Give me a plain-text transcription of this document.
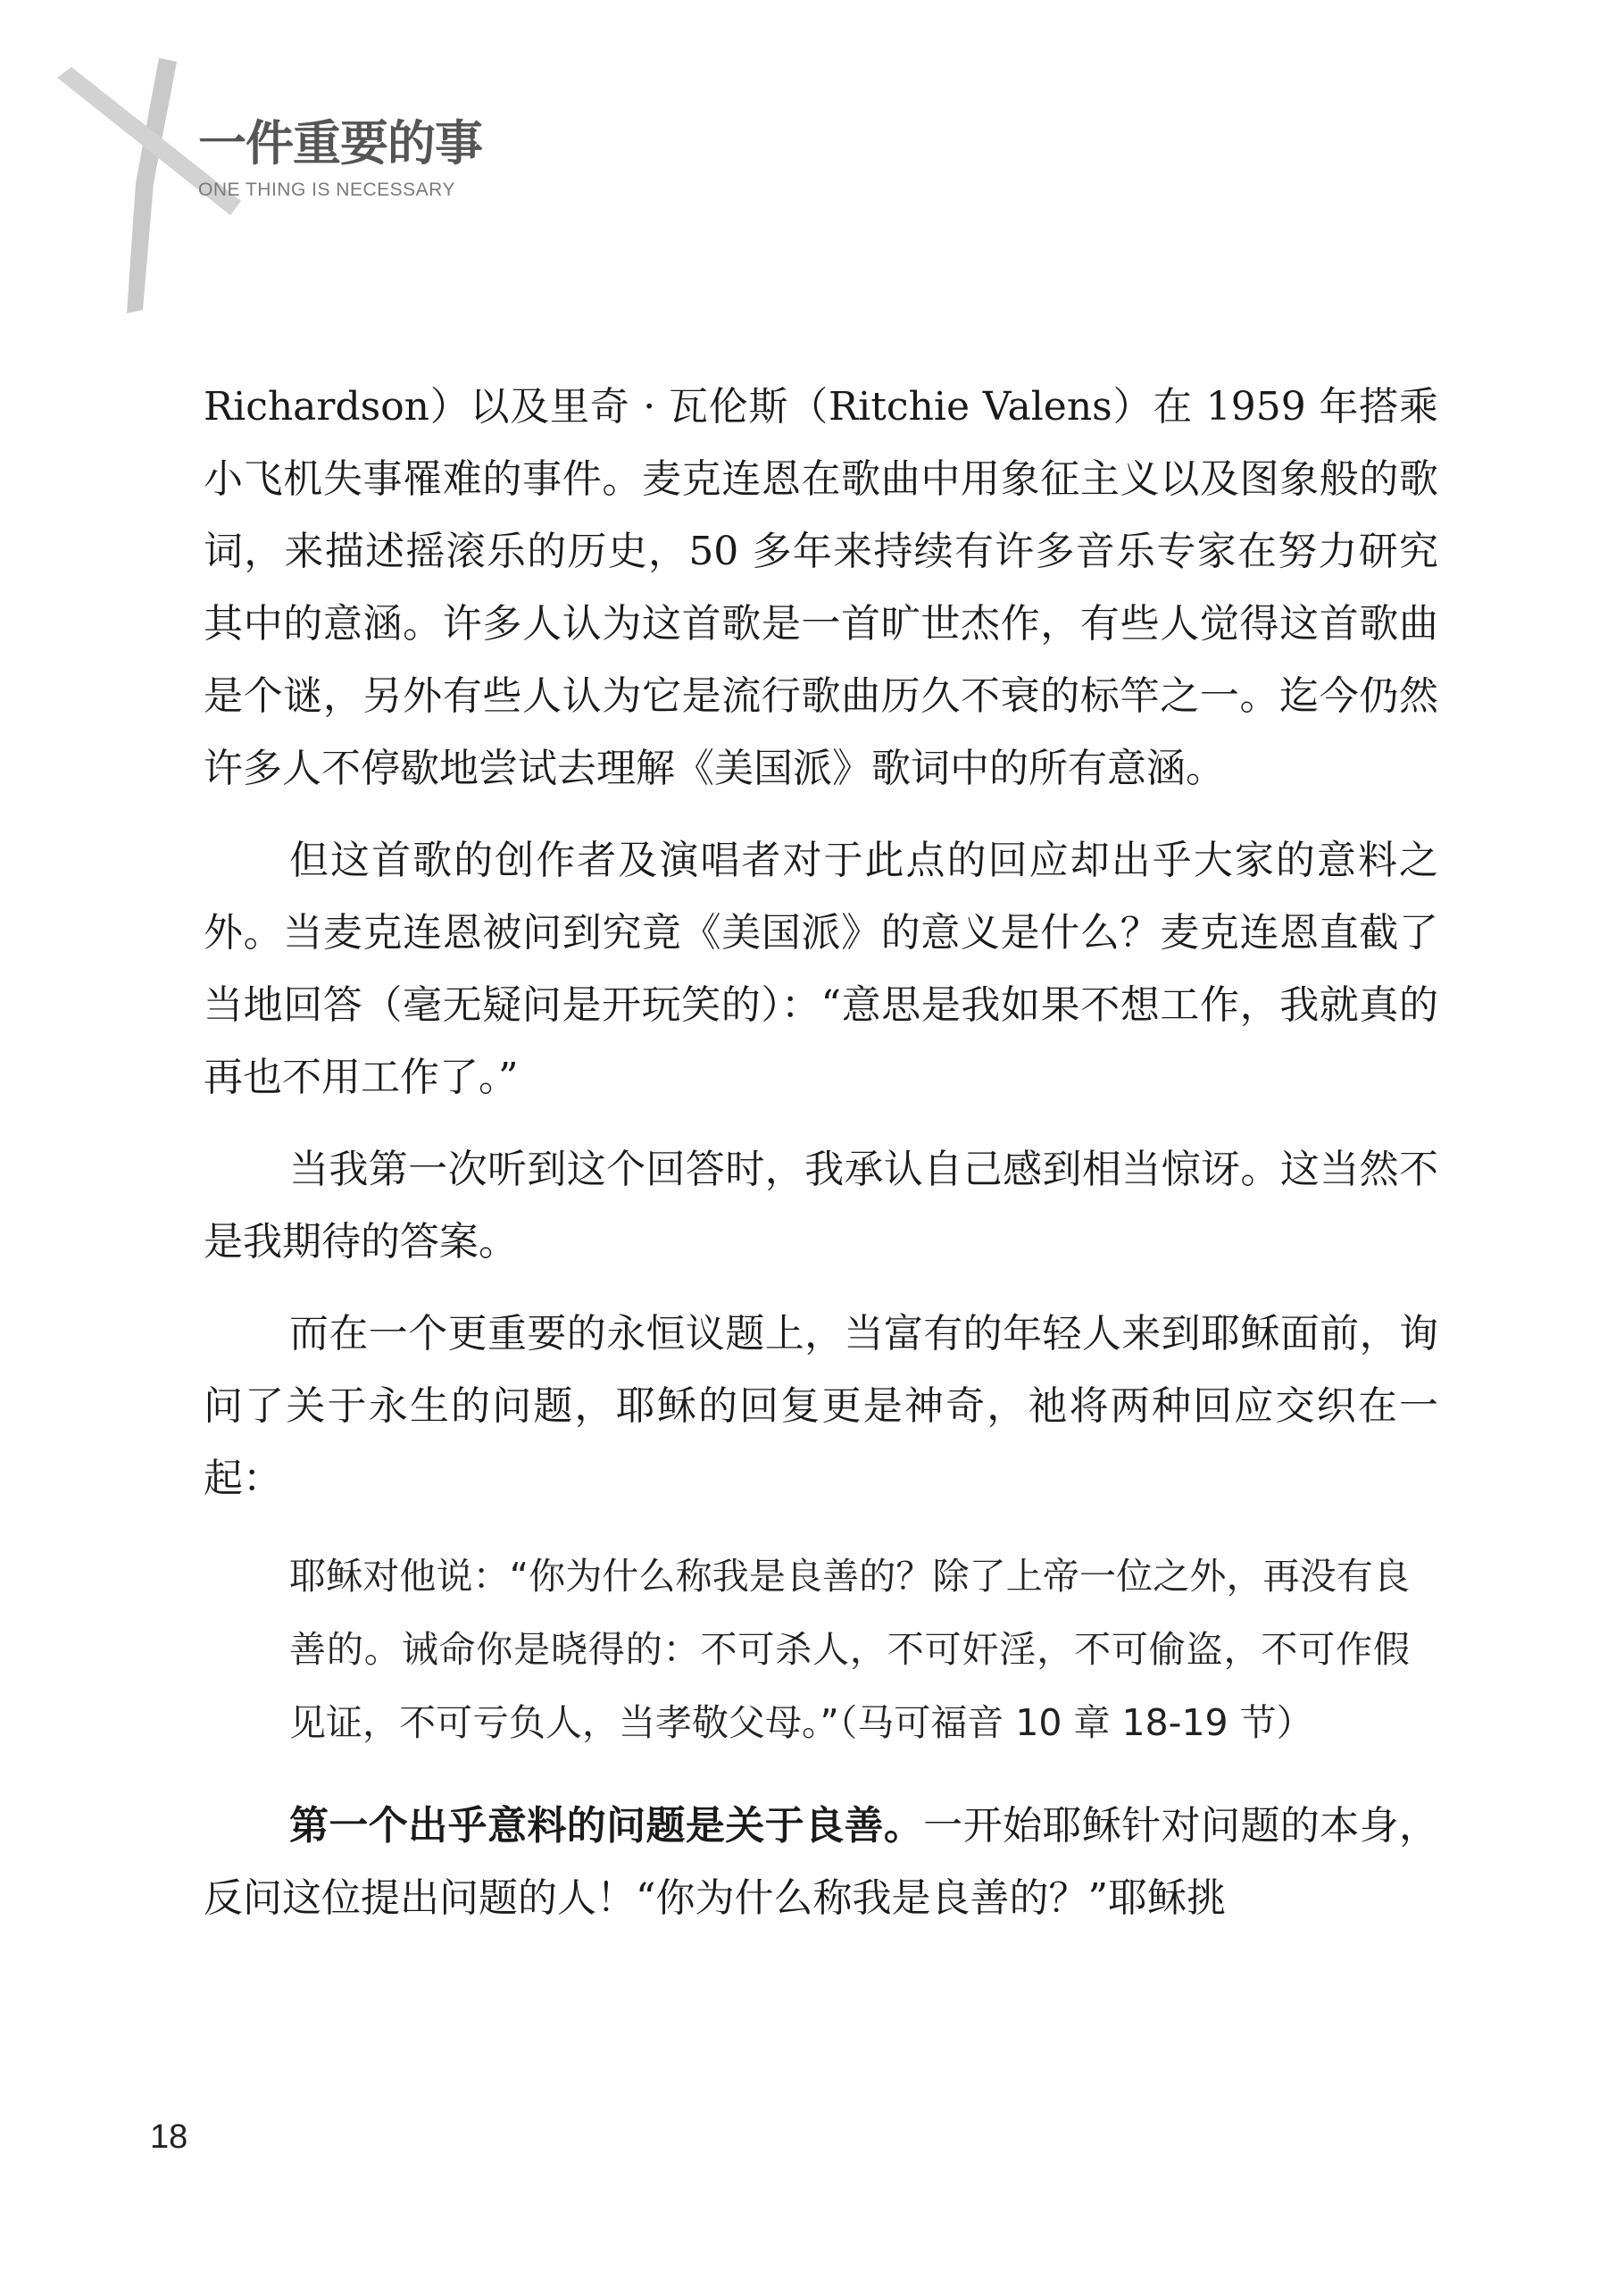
一件重要的事
ONE THING IS NECESSARY

Richardson）以及里奇 · 瓦伦斯（Ritchie Valens）在 1959 年搭乘小飞机失事罹难的事件。麦克连恩在歌曲中用象征主义以及图象般的歌词，来描述摇滚乐的历史，50 多年来持续有许多音乐专家在努力研究其中的意涵。许多人认为这首歌是一首旷世杰作，有些人觉得这首歌曲是个谜，另外有些人认为它是流行歌曲历久不衰的标竿之一。迄今仍然许多人不停歇地尝试去理解《美国派》歌词中的所有意涵。

但这首歌的创作者及演唱者对于此点的回应却出乎大家的意料之外。当麦克连恩被问到究竟《美国派》的意义是什么？麦克连恩直截了当地回答（毫无疑问是开玩笑的）：“意思是我如果不想工作，我就真的再也不用工作了。”

当我第一次听到这个回答时，我承认自己感到相当惊讶。这当然不是我期待的答案。

而在一个更重要的永恒议题上，当富有的年轻人来到耶稣面前，询问了关于永生的问题，耶稣的回复更是神奇，祂将两种回应交织在一起：

耶稣对他说：“你为什么称我是良善的？除了上帝一位之外，再没有良善的。诫命你是晓得的：不可杀人，不可奸淫，不可偷盗，不可作假见证，不可亏负人，当孝敬父母。”（马可福音 10 章 18-19 节）

第一个出乎意料的问题是关于良善。一开始耶稣针对问题的本身，反问这位提出问题的人！“你为什么称我是良善的？”耶稣挑

18
